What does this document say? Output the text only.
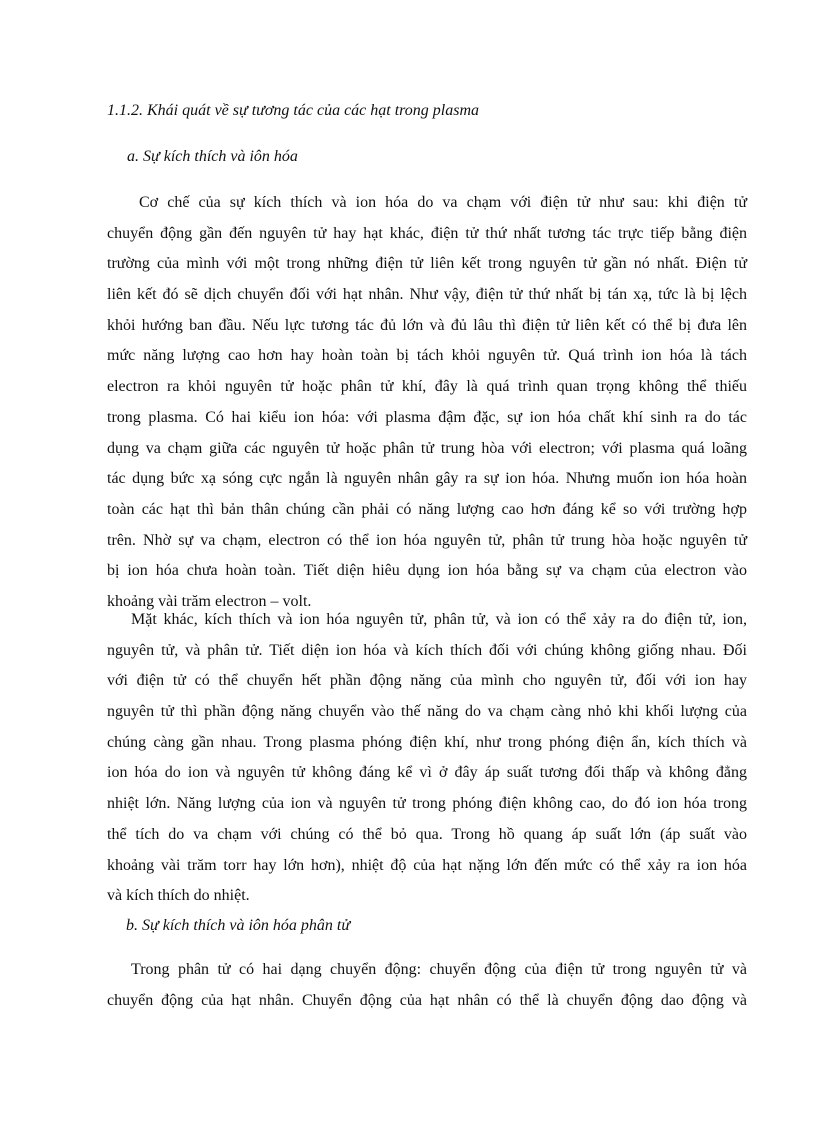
1.1.2. Khái quát về sự tương tác của các hạt trong plasma
a. Sự kích thích và iôn hóa
Cơ chế của sự kích thích và ion hóa do va chạm với điện tử như sau: khi điện tử
chuyển động gần đến nguyên tử hay hạt khác, điện tử thứ nhất tương tác trực tiếp bằng điện
trường của mình với một trong những điện tử liên kết trong nguyên tử gần nó nhất. Điện tử
liên kết đó sẽ dịch chuyển đối với hạt nhân. Như vậy, điện tử thứ nhất bị tán xạ, tức là bị lệch
khỏi hướng ban đầu. Nếu lực tương tác đủ lớn và đủ lâu thì điện tử liên kết có thể bị đưa lên
mức năng lượng cao hơn hay hoàn toàn bị tách khỏi nguyên tử. Quá trình ion hóa là tách
electron ra khỏi nguyên tử hoặc phân tử khí, đây là quá trình quan trọng không thể thiếu
trong plasma. Có hai kiểu ion hóa: với plasma đậm đặc, sự ion hóa chất khí sinh ra do tác
dụng va chạm giữa các nguyên tử hoặc phân tử trung hòa với electron; với plasma quá loãng
tác dụng bức xạ sóng cực ngắn là nguyên nhân gây ra sự ion hóa. Nhưng muốn ion hóa hoàn
toàn các hạt thì bản thân chúng cần phải có năng lượng cao hơn đáng kể so với trường hợp
trên. Nhờ sự va chạm, electron có thể ion hóa nguyên tử, phân tử trung hòa hoặc nguyên tử
bị ion hóa chưa hoàn toàn. Tiết diện hiêu dụng ion hóa bằng sự va chạm của electron vào
khoảng vài trăm electron – volt.
Mặt khác, kích thích và ion hóa nguyên tử, phân tử, và ion có thể xảy ra do điện tử, ion,
nguyên tử, và phân tử. Tiết diện ion hóa và kích thích đối với chúng không giống nhau. Đối
với điện tử có thể chuyển hết phần động năng của mình cho nguyên tử, đối với ion hay
nguyên tử thì phần động năng chuyển vào thế năng do va chạm càng nhỏ khi khối lượng của
chúng càng gần nhau. Trong plasma phóng điện khí, như trong phóng điện ẩn, kích thích và
ion hóa do ion và nguyên tử không đáng kể vì ở đây áp suất tương đối thấp và không đẳng
nhiệt lớn. Năng lượng của ion và nguyên tử trong phóng điện không cao, do đó ion hóa trong
thể tích do va chạm với chúng có thể bỏ qua. Trong hồ quang áp suất lớn (áp suất vào
khoảng vài trăm torr hay lớn hơn), nhiệt độ của hạt nặng lớn đến mức có thể xảy ra ion hóa
và kích thích do nhiệt.
b. Sự kích thích và iôn hóa phân tử
Trong phân tử có hai dạng chuyển động: chuyển động của điện tử trong nguyên tử và
chuyển động của hạt nhân. Chuyển động của hạt nhân có thể là chuyển động dao động và
